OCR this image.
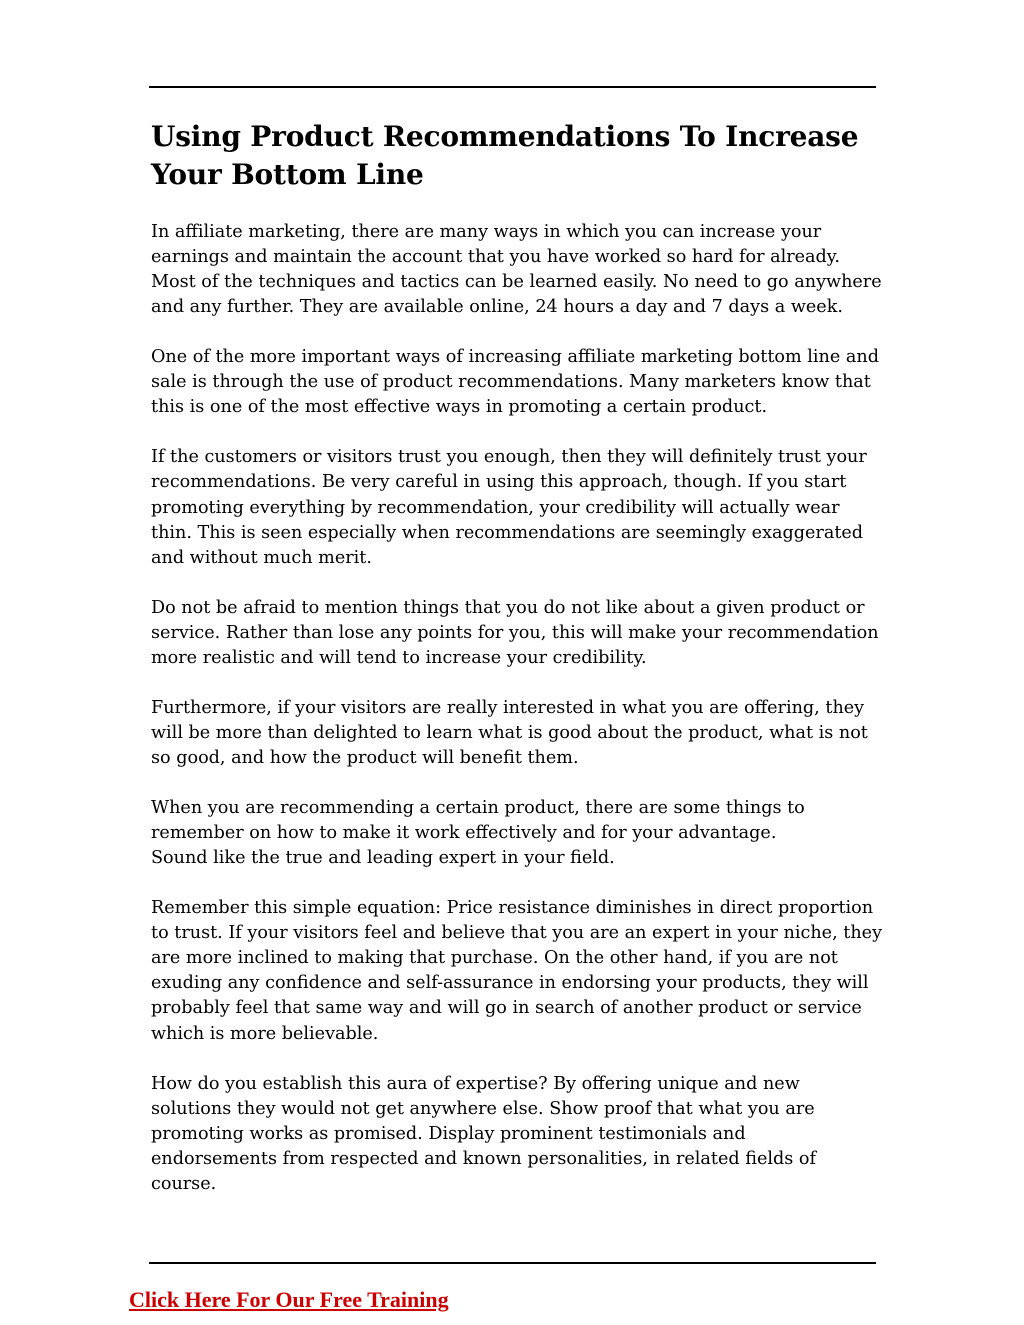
Using Product Recommendations To Increase
Your Bottom Line

In affiliate marketing, there are many ways in which you can increase your
earnings and maintain the account that you have worked so hard for already.
Most of the techniques and tactics can be learned easily. No need to go anywhere
and any further. They are available online, 24 hours a day and 7 days a week.

One of the more important ways of increasing affiliate marketing bottom line and
sale is through the use of product recommendations. Many marketers know that
this is one of the most effective ways in promoting a certain product.

If the customers or visitors trust you enough, then they will definitely trust your
recommendations. Be very careful in using this approach, though. If you start
promoting everything by recommendation, your credibility will actually wear
thin. This is seen especially when recommendations are seemingly exaggerated
and without much merit.

Do not be afraid to mention things that you do not like about a given product or
service. Rather than lose any points for you, this will make your recommendation
more realistic and will tend to increase your credibility.

Furthermore, if your visitors are really interested in what you are offering, they
will be more than delighted to learn what is good about the product, what is not
so good, and how the product will benefit them.

When you are recommending a certain product, there are some things to
remember on how to make it work effectively and for your advantage.
Sound like the true and leading expert in your field.

Remember this simple equation: Price resistance diminishes in direct proportion
to trust. If your visitors feel and believe that you are an expert in your niche, they
are more inclined to making that purchase. On the other hand, if you are not
exuding any confidence and self-assurance in endorsing your products, they will
probably feel that same way and will go in search of another product or service
which is more believable.

How do you establish this aura of expertise? By offering unique and new
solutions they would not get anywhere else. Show proof that what you are
promoting works as promised. Display prominent testimonials and
endorsements from respected and known personalities, in related fields of
course.

Click Here For Our Free Training
